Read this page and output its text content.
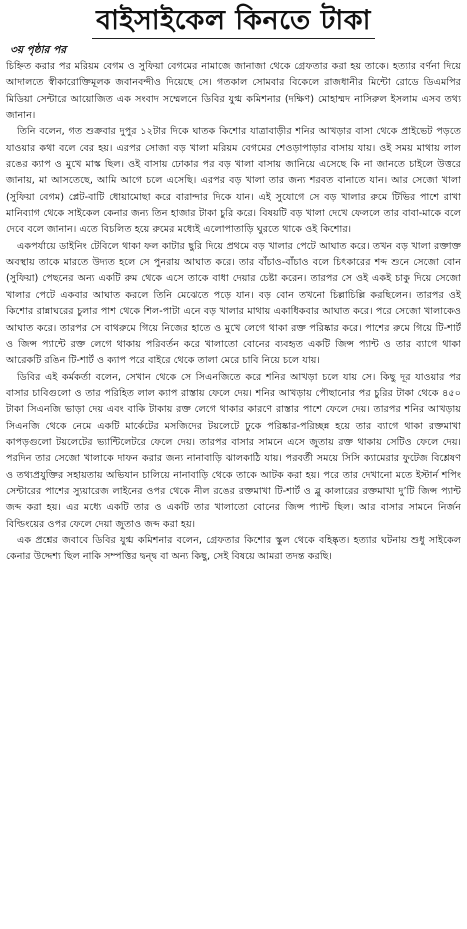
বাইসাইকেল কিনতে টাকা
৩য় পৃষ্ঠার পর

চিহ্নিত করার পর মরিয়ম বেগম ও সুফিয়া বেগমের নামাজে জানাজা থেকে গ্রেফতার করা হয় তাকে। হত্যার বর্ণনা দিয়ে আদালতে স্বীকারোক্তিমূলক জবানবন্দীও দিয়েছে সে। গতকাল সোমবার বিকেলে রাজধানীর মিন্টো রোডে ডিএমপির মিডিয়া সেন্টারে আয়োজিত এক সংবাদ সম্মেলনে ডিবির যুগ্ম কমিশনার (দক্ষিণ) মোহাম্মদ নাসিরুল ইসলাম এসব তথ্য জানান।

তিনি বলেন, গত শুক্রবার দুপুর ১২টার দিকে ঘাতক কিশোর যাত্রাবাড়ীর শনির আখড়ার বাসা থেকে প্রাইভেট পড়তে যাওয়ার কথা বলে বের হয়। এরপর সোজা বড় খালা মরিয়ম বেগমের শেওড়াপাড়ার বাসায় যায়। ওই সময় মাথায় লাল রঙের ক্যাপ ও মুখে মাস্ক ছিল। ওই বাসায় ঢোকার পর বড় খালা বাসায় জানিয়ে এসেছে কি না জানতে চাইলে উত্তরে জানায়, মা আসতেছে, আমি আগে চলে এসেছি। এরপর বড় খালা তার জন্য শরবত বানাতে যান। আর সেজো খালা (সুফিয়া বেগম) প্লেট-বাটি ধোয়ামোছা করে বারান্দার দিকে যান। এই সুযোগে সে বড় খালার রুমে টিভির পাশে রাখা মানিব্যাগ থেকে সাইকেল কেনার জন্য তিন হাজার টাকা চুরি করে। বিষয়টি বড় খালা দেখে ফেললে তার বাবা-মাকে বলে দেবে বলে জানান। এতে বিচলিত হয়ে রুমের মধ্যেই এলোপাতাড়ি ঘুরতে থাকে ওই কিশোর।

একপর্যায়ে ডাইনিং টেবিলে থাকা ফল কাটার ছুরি দিয়ে প্রথমে বড় খালার পেটে আঘাত করে। তখন বড় খালা রক্তাক্ত অবস্থায় তাকে মারতে উদ্যত হলে সে পুনরায় আঘাত করে। তার বাঁচাও-বাঁচাও বলে চিৎকারের শব্দ শুনে সেজো বোন (সুফিয়া) পেছনের অন্য একটি রুম থেকে এসে তাকে বাধা দেয়ার চেষ্টা করেন। তারপর সে ওই একই চাকু দিয়ে সেজো খালার পেটে একবার আঘাত করলে তিনি মেঝেতে পড়ে যান। বড় বোন তখনো চিল্লাচিল্লি করছিলেন। তারপর ওই কিশোর রান্নাঘরের চুলার পাশ থেকে শিল-পাটা এনে বড় খালার মাথায় একাধিকবার আঘাত করে। পরে সেজো খালাকেও আঘাত করে। তারপর সে বাথরুমে গিয়ে নিজের হাতে ও মুখে লেগে থাকা রক্ত পরিষ্কার করে। পাশের রুমে গিয়ে টি-শার্ট ও জিন্স প্যান্টে রক্ত লেগে থাকায় পরিবর্তন করে খালাতো বোনের ব্যবহৃত একটি জিন্স প্যান্ট ও তার ব্যাগে থাকা আরেকটি রঙিন টি-শার্ট ও ক্যাপ পরে বাইরে থেকে তালা মেরে চাবি নিয়ে চলে যায়।

ডিবির এই কর্মকর্তা বলেন, সেখান থেকে সে সিএনজিতে করে শনির আখড়া চলে যায় সে। কিছু দূর যাওয়ার পর বাসার চাবিগুলো ও তার পরিহিত লাল ক্যাপ রাস্তায় ফেলে দেয়। শনির আখড়ায় পৌছানোর পর চুরির টাকা থেকে ৪৫০ টাকা সিএনজি ভাড়া দেয় এবং বাকি টাকায় রক্ত লেগে থাকার কারণে রাস্তার পাশে ফেলে দেয়। তারপর শনির আখড়ায় সিএনজি থেকে নেমে একটি মার্কেটের মসজিদের টয়লেটে ঢুকে পরিষ্কার-পরিচ্ছন্ন হয়ে তার ব্যাগে থাকা রক্তমাখা কাপড়গুলো টয়লেটের ভ্যান্টিলেটরে ফেলে দেয়। তারপর বাসার সামনে এসে জুতায় রক্ত থাকায় সেটিও ফেলে দেয়। পরদিন তার সেজো খালাকে দাফন করার জন্য নানাবাড়ি ঝালকাঠি যায়। পরবর্তী সময়ে সিসি ক্যামেরার ফুটেজ বিশ্লেষণ ও তথ্যপ্রযুক্তির সহায়তায় অভিযান চালিয়ে নানাবাড়ি থেকে তাকে আটক করা হয়। পরে তার দেখানো মতে ইস্টার্ন শপিং সেন্টারের পাশের স্যুয়ারেজ লাইনের ওপর থেকে নীল রঙের রক্তমাখা টি-শার্ট ও ব্লু কালারের রক্তমাখা দু’টি জিন্স প্যান্ট জব্দ করা হয়। এর মধ্যে একটি তার ও একটি তার খালাতো বোনের জিন্স প্যান্ট ছিল। আর বাসার সামনে নির্জন বিল্ডিংয়ের ওপর ফেলে দেয়া জুতাও জব্দ করা হয়।

এক প্রশ্নের জবাবে ডিবির যুগ্ম কমিশনার বলেন, গ্রেফতার কিশোর স্কুল থেকে বহিষ্কৃত। হত্যার ঘটনায় শুধু সাইকেল কেনার উদ্দেশ্য ছিল নাকি সম্পত্তির দ্বন্দ্ব বা অন্য কিছু, সেই বিষয়ে আমরা তদন্ত করছি।
